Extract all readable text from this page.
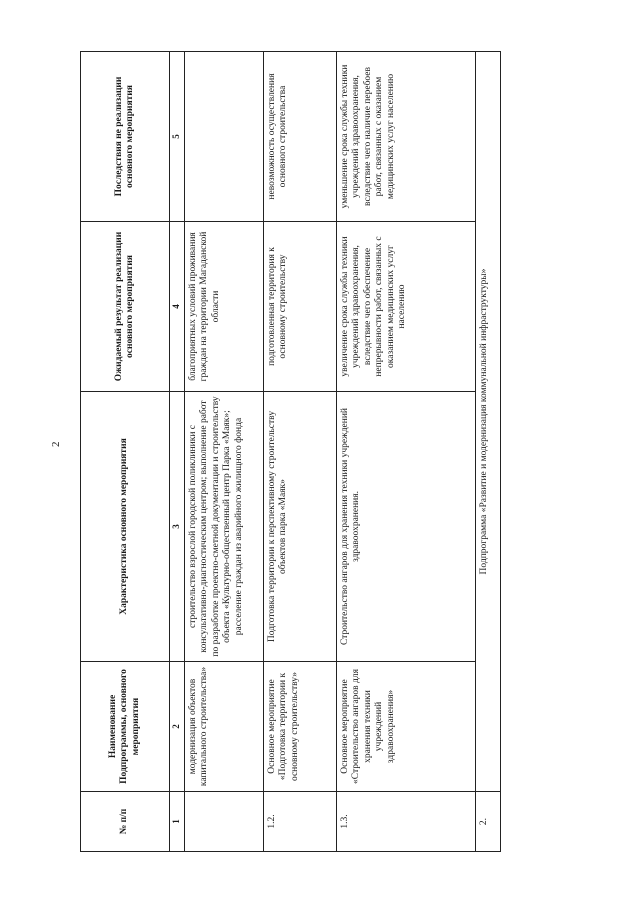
2
№ п/п	Наименование Подпрограммы, основного мероприятия	Характеристика основного мероприятия	Ожидаемый результат реализации основного мероприятия	Последствия не реализации основного мероприятия
1	2	3	4	5
	модернизация объектов капитального строительства»	строительство взрослой городской поликлиники с консультативно-диагностическим центром; выполнение работ по разработке проектно-сметной документации и строительству объекта «Культурно-общественный центр Парка «Маяк»; расселение граждан из аварийного жилищного фонда	благоприятных условий проживания граждан на территории Магаданской области	
1.2.	Основное мероприятие «Подготовка территории к основному строительству»	Подготовка территории к перспективному строительству объектов парка «Маяк»	подготовленная территория к основному строительству	невозможность осуществления основного строительства
1.3.	Основное мероприятие «Строительство ангаров для хранения техники учреждений здравоохранения»	Строительство ангаров для хранения техники учреждений здравоохранения.	увеличение срока службы техники учреждений здравоохранения, вследствие чего обеспечение непрерывности работ, связанных с оказанием медицинских услуг населению	уменьшение срока службы техники учреждений здравоохранения, вследствие чего наличие перебоев работ, связанных с оказанием медицинских услуг населению
2.	Подпрограмма «Развитие и модернизация коммунальной инфраструктуры»			
